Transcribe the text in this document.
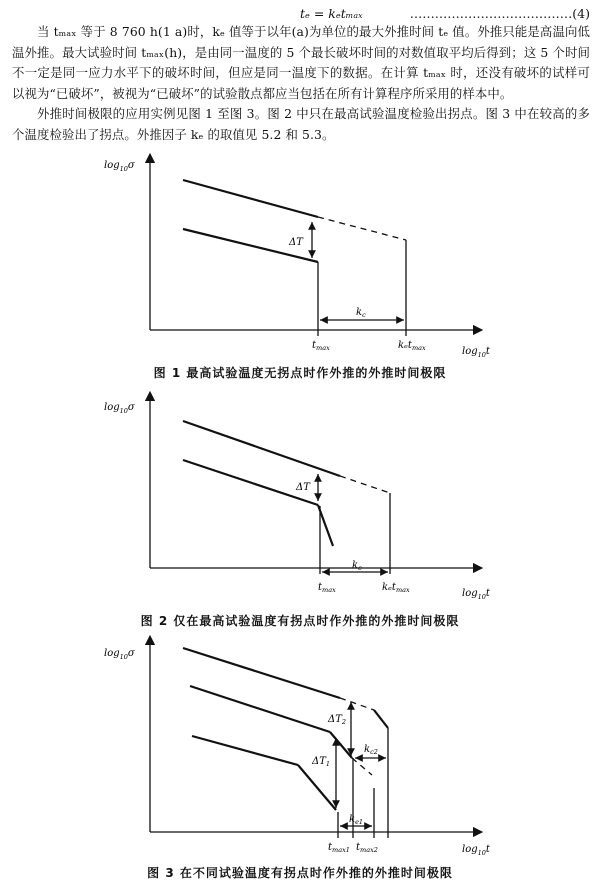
tₑ = kₑtₘₐₓ	…………………………………(4)
当 tₘₐₓ 等于 8 760 h(1 a)时，kₑ 值等于以年(a)为单位的最大外推时间 tₑ 值。外推只能是高温向低温外推。最大试验时间 tₘₐₓ(h)，是由同一温度的 5 个最长破坏时间的对数值取平均后得到；这 5 个时间不一定是同一应力水平下的破坏时间，但应是同一温度下的数据。在计算 tₘₐₓ 时，还没有破坏的试样可以视为“已破坏”，被视为“已破坏”的试验散点都应当包括在所有计算程序所采用的样本中。
外推时间极限的应用实例见图 1 至图 3。图 2 中只在最高试验温度检验出拐点。图 3 中在较高的多个温度检验出了拐点。外推因子 kₑ 的取值见 5.2 和 5.3。
$\log_{10}\sigma$
$\log_{10}t$
ΔT
$k_c$
$t_{max}$	kₑt$_{max}$
图 1 最高试验温度无拐点时作外推的外推时间极限
$\log_{10}\sigma$
$\log_{10}t$
ΔT
$k_c$
$t_{max}$	kₑt$_{max}$
图 2 仅在最高试验温度有拐点时作外推的外推时间极限
$\log_{10}\sigma$
$\log_{10}t$
$\Delta T_2$
$\Delta T_1$
$k_{c2}$
$k_{e1}$
$t_{max1}$ $t_{max2}$
图 3 在不同试验温度有拐点时作外推的外推时间极限
